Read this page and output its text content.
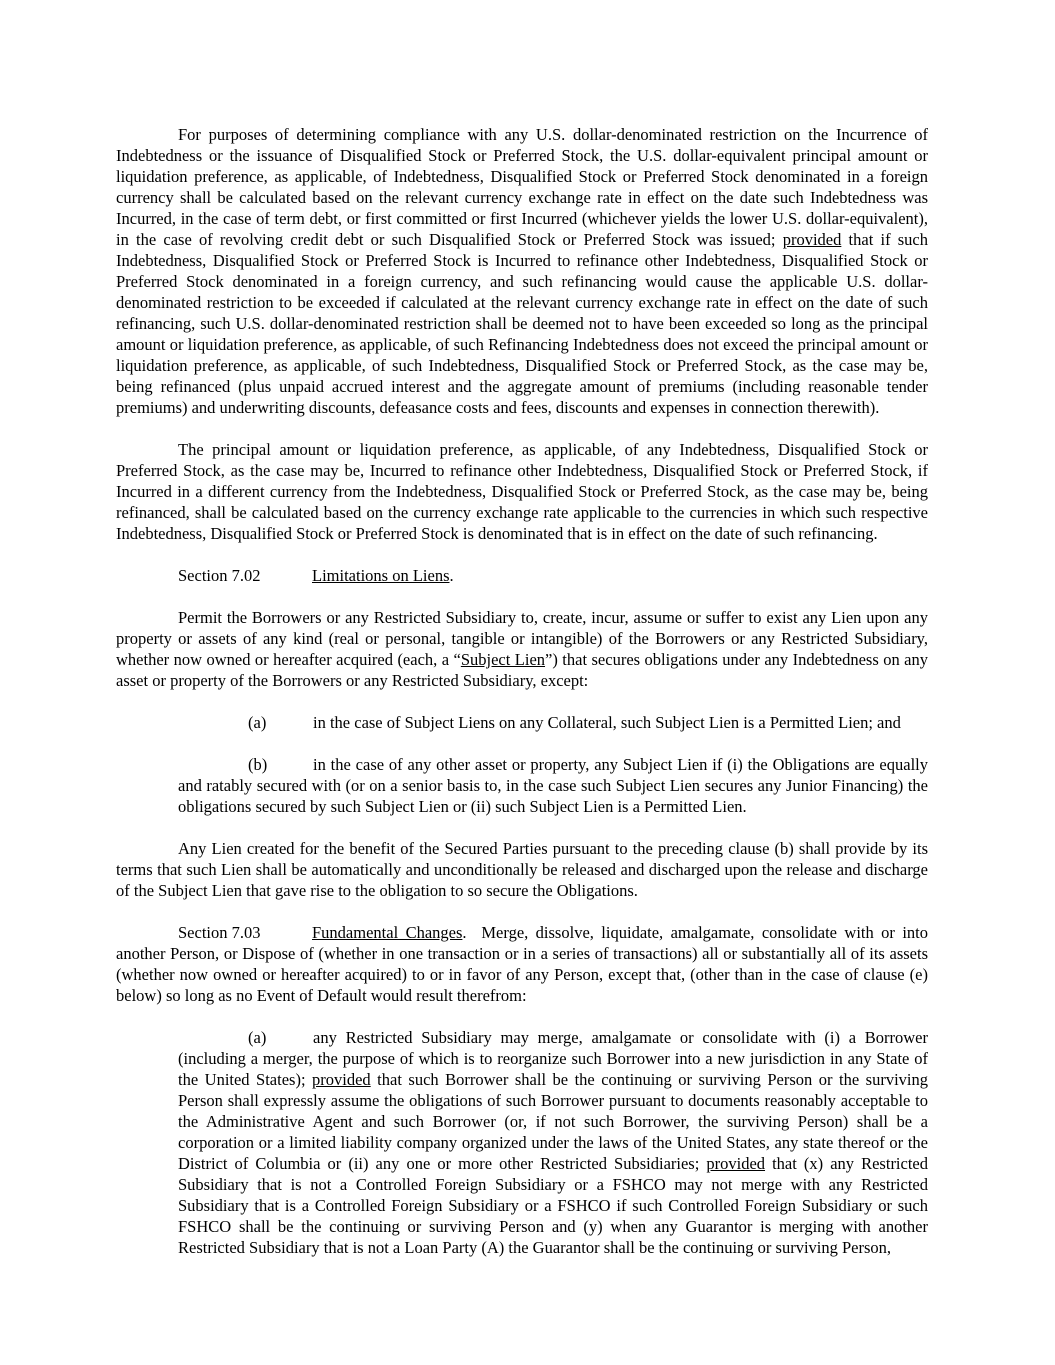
For purposes of determining compliance with any U.S. dollar-denominated restriction on the Incurrence of Indebtedness or the issuance of Disqualified Stock or Preferred Stock, the U.S. dollar-equivalent principal amount or liquidation preference, as applicable, of Indebtedness, Disqualified Stock or Preferred Stock denominated in a foreign currency shall be calculated based on the relevant currency exchange rate in effect on the date such Indebtedness was Incurred, in the case of term debt, or first committed or first Incurred (whichever yields the lower U.S. dollar-equivalent), in the case of revolving credit debt or such Disqualified Stock or Preferred Stock was issued; provided that if such Indebtedness, Disqualified Stock or Preferred Stock is Incurred to refinance other Indebtedness, Disqualified Stock or Preferred Stock denominated in a foreign currency, and such refinancing would cause the applicable U.S. dollar-denominated restriction to be exceeded if calculated at the relevant currency exchange rate in effect on the date of such refinancing, such U.S. dollar-denominated restriction shall be deemed not to have been exceeded so long as the principal amount or liquidation preference, as applicable, of such Refinancing Indebtedness does not exceed the principal amount or liquidation preference, as applicable, of such Indebtedness, Disqualified Stock or Preferred Stock, as the case may be, being refinanced (plus unpaid accrued interest and the aggregate amount of premiums (including reasonable tender premiums) and underwriting discounts, defeasance costs and fees, discounts and expenses in connection therewith).

The principal amount or liquidation preference, as applicable, of any Indebtedness, Disqualified Stock or Preferred Stock, as the case may be, Incurred to refinance other Indebtedness, Disqualified Stock or Preferred Stock, if Incurred in a different currency from the Indebtedness, Disqualified Stock or Preferred Stock, as the case may be, being refinanced, shall be calculated based on the currency exchange rate applicable to the currencies in which such respective Indebtedness, Disqualified Stock or Preferred Stock is denominated that is in effect on the date of such refinancing.

Section 7.02	Limitations on Liens.

Permit the Borrowers or any Restricted Subsidiary to, create, incur, assume or suffer to exist any Lien upon any property or assets of any kind (real or personal, tangible or intangible) of the Borrowers or any Restricted Subsidiary, whether now owned or hereafter acquired (each, a “Subject Lien”) that secures obligations under any Indebtedness on any asset or property of the Borrowers or any Restricted Subsidiary, except:

(a)	in the case of Subject Liens on any Collateral, such Subject Lien is a Permitted Lien; and

(b)	in the case of any other asset or property, any Subject Lien if (i) the Obligations are equally and ratably secured with (or on a senior basis to, in the case such Subject Lien secures any Junior Financing) the obligations secured by such Subject Lien or (ii) such Subject Lien is a Permitted Lien.

Any Lien created for the benefit of the Secured Parties pursuant to the preceding clause (b) shall provide by its terms that such Lien shall be automatically and unconditionally be released and discharged upon the release and discharge of the Subject Lien that gave rise to the obligation to so secure the Obligations.

Section 7.03	Fundamental Changes.  Merge, dissolve, liquidate, amalgamate, consolidate with or into another Person, or Dispose of (whether in one transaction or in a series of transactions) all or substantially all of its assets (whether now owned or hereafter acquired) to or in favor of any Person, except that, (other than in the case of clause (e) below) so long as no Event of Default would result therefrom:

(a)	any Restricted Subsidiary may merge, amalgamate or consolidate with (i) a Borrower (including a merger, the purpose of which is to reorganize such Borrower into a new jurisdiction in any State of the United States); provided that such Borrower shall be the continuing or surviving Person or the surviving Person shall expressly assume the obligations of such Borrower pursuant to documents reasonably acceptable to the Administrative Agent and such Borrower (or, if not such Borrower, the surviving Person) shall be a corporation or a limited liability company organized under the laws of the United States, any state thereof or the District of Columbia or (ii) any one or more other Restricted Subsidiaries; provided that (x) any Restricted Subsidiary that is not a Controlled Foreign Subsidiary or a FSHCO may not merge with any Restricted Subsidiary that is a Controlled Foreign Subsidiary or a FSHCO if such Controlled Foreign Subsidiary or such FSHCO shall be the continuing or surviving Person and (y) when any Guarantor is merging with another Restricted Subsidiary that is not a Loan Party (A) the Guarantor shall be the continuing or surviving Person,
